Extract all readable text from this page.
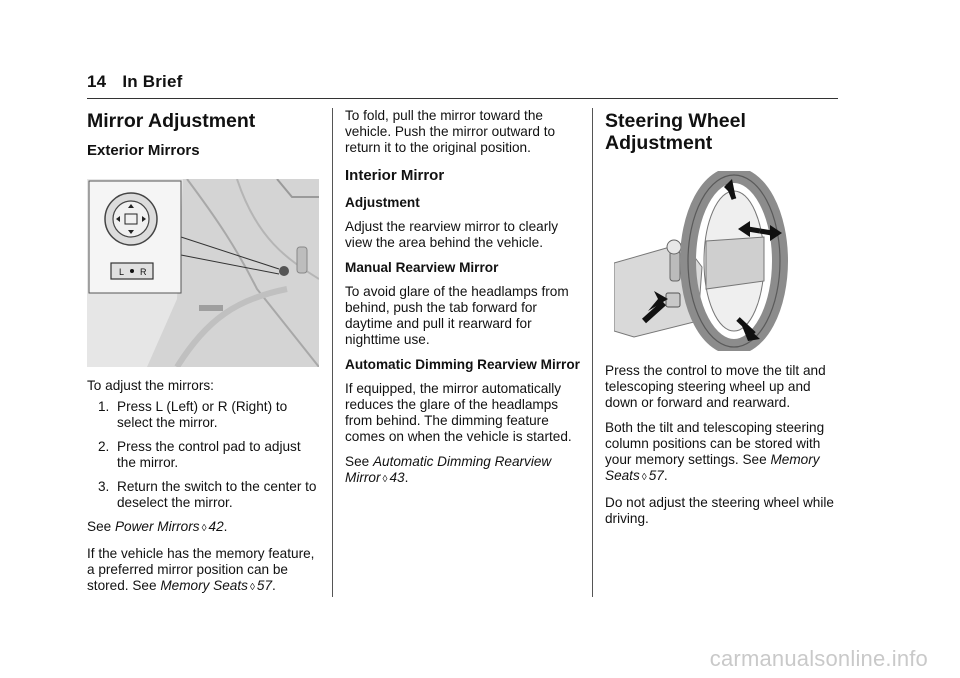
14 In Brief
Mirror Adjustment
Exterior Mirrors
L R

To adjust the mirrors:

1. Press L (Left) or R (Right) to select the mirror.
2. Press the control pad to adjust the mirror.
3. Return the switch to the center to deselect the mirror.

See Power Mirrors ◊ 42.

If the vehicle has the memory feature, a preferred mirror position can be stored. See Memory Seats ◊ 57.

To fold, pull the mirror toward the vehicle. Push the mirror outward to return it to the original position.

Interior Mirror
Adjustment

Adjust the rearview mirror to clearly view the area behind the vehicle.

Manual Rearview Mirror

To avoid glare of the headlamps from behind, push the tab forward for daytime and pull it rearward for nighttime use.

Automatic Dimming Rearview Mirror

If equipped, the mirror automatically reduces the glare of the headlamps from behind. The dimming feature comes on when the vehicle is started.

See Automatic Dimming Rearview Mirror ◊ 43.

Steering Wheel Adjustment

Press the control to move the tilt and telescoping steering wheel up and down or forward and rearward.

Both the tilt and telescoping steering column positions can be stored with your memory settings. See Memory Seats ◊ 57.

Do not adjust the steering wheel while driving.

carmanualsonline.info
